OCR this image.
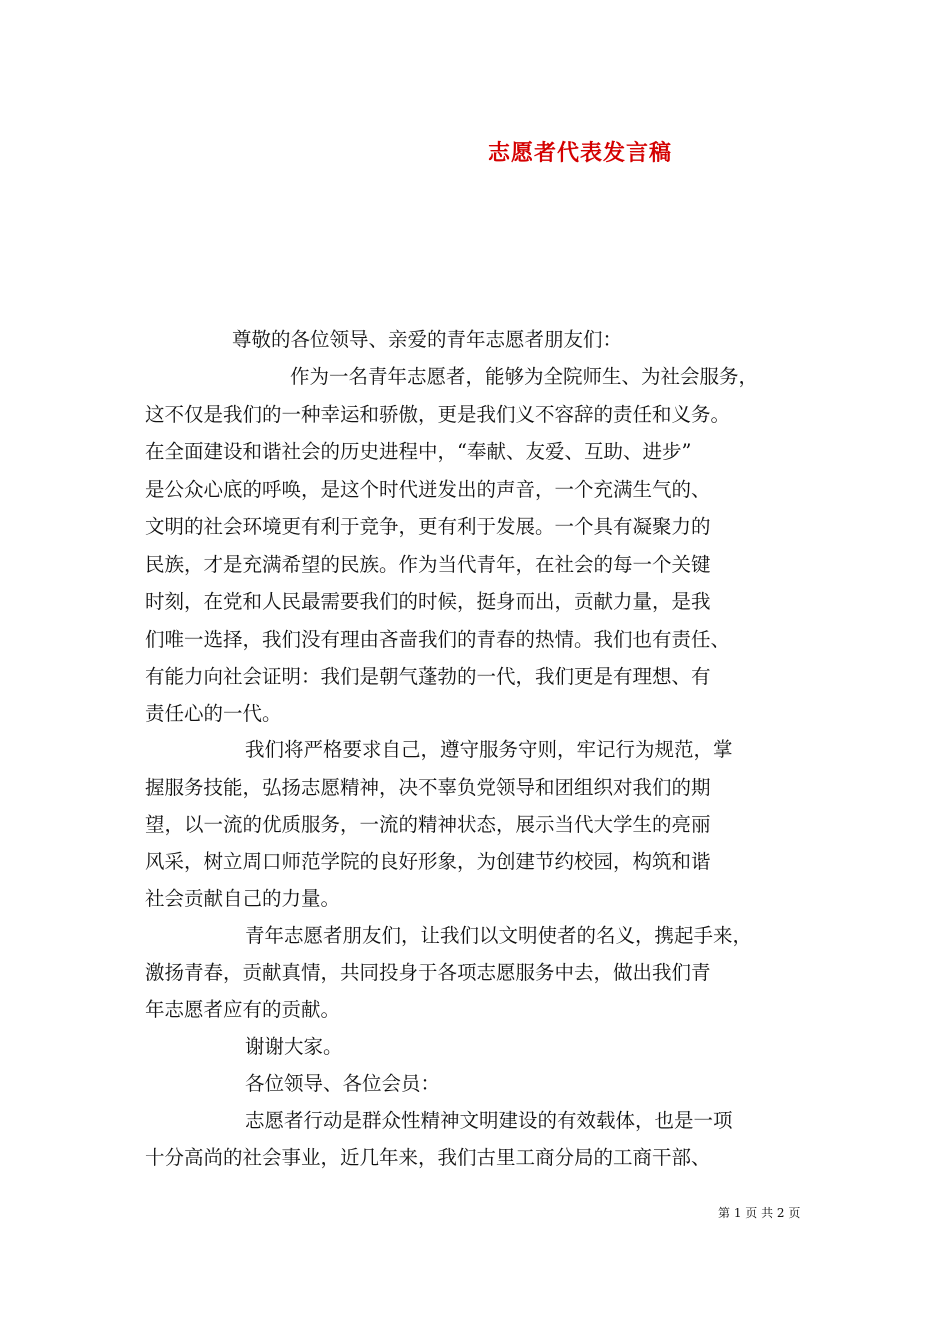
志愿者代表发言稿
尊敬的各位领导、亲爱的青年志愿者朋友们：
作为一名青年志愿者，能够为全院师生、为社会服务，
这不仅是我们的一种幸运和骄傲，更是我们义不容辞的责任和义务。
在全面建设和谐社会的历史进程中，“奉献、友爱、互助、进步”
是公众心底的呼唤，是这个时代迸发出的声音，一个充满生气的、
文明的社会环境更有利于竞争，更有利于发展。一个具有凝聚力的
民族，才是充满希望的民族。作为当代青年，在社会的每一个关键
时刻，在党和人民最需要我们的时候，挺身而出，贡献力量，是我
们唯一选择，我们没有理由吝啬我们的青春的热情。我们也有责任、
有能力向社会证明：我们是朝气蓬勃的一代，我们更是有理想、有
责任心的一代。
我们将严格要求自己，遵守服务守则，牢记行为规范，掌
握服务技能，弘扬志愿精神，决不辜负党领导和团组织对我们的期
望，以一流的优质服务，一流的精神状态，展示当代大学生的亮丽
风采，树立周口师范学院的良好形象，为创建节约校园，构筑和谐
社会贡献自己的力量。
青年志愿者朋友们，让我们以文明使者的名义，携起手来，
激扬青春，贡献真情，共同投身于各项志愿服务中去，做出我们青
年志愿者应有的贡献。
谢谢大家。
各位领导、各位会员：
志愿者行动是群众性精神文明建设的有效载体，也是一项
十分高尚的社会事业，近几年来，我们古里工商分局的工商干部、
第 1 页 共 2 页
